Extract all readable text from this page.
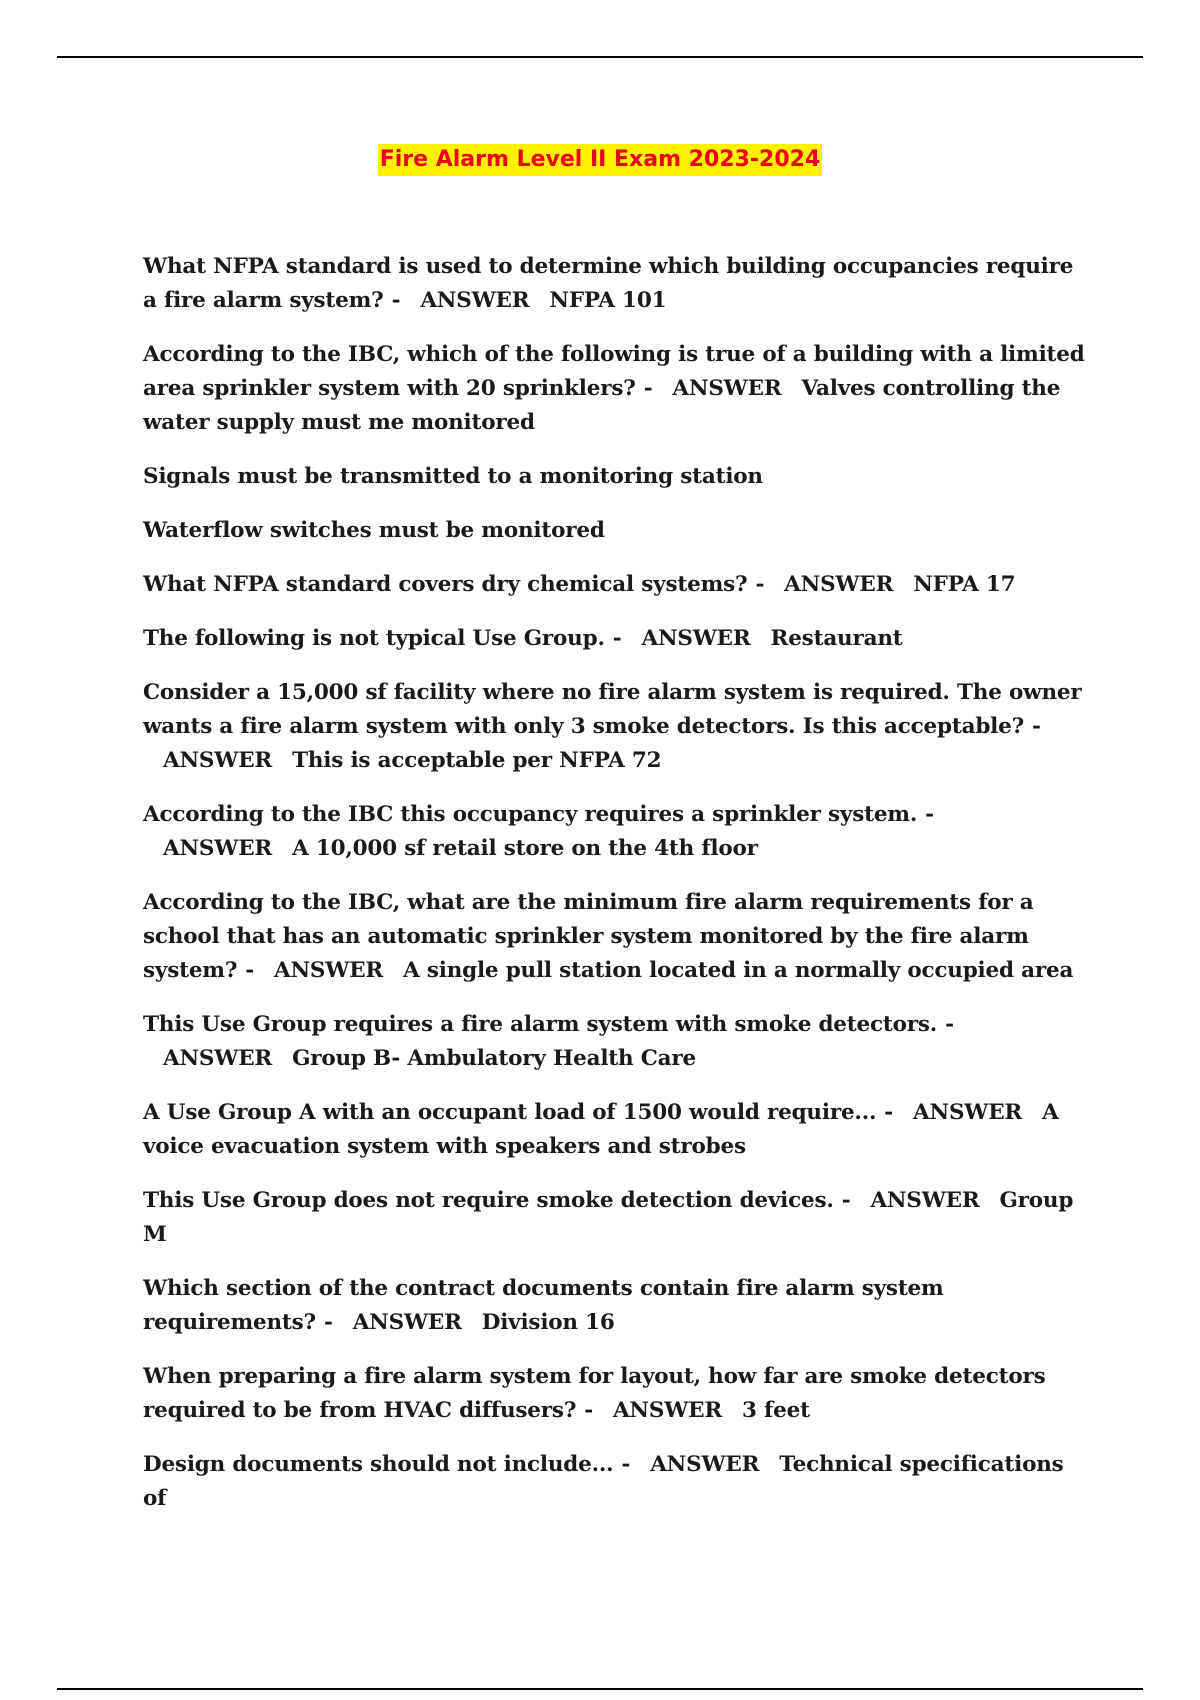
Fire Alarm Level II Exam 2023-2024

What NFPA standard is used to determine which building occupancies require a fire alarm system? - ANSWER NFPA 101

According to the IBC, which of the following is true of a building with a limited area sprinkler system with 20 sprinklers? - ANSWER Valves controlling the water supply must me monitored

Signals must be transmitted to a monitoring station

Waterflow switches must be monitored

What NFPA standard covers dry chemical systems? - ANSWER NFPA 17

The following is not typical Use Group. - ANSWER Restaurant

Consider a 15,000 sf facility where no fire alarm system is required. The owner wants a fire alarm system with only 3 smoke detectors. Is this acceptable? -ANSWER This is acceptable per NFPA 72

According to the IBC this occupancy requires a sprinkler system. -ANSWER A 10,000 sf retail store on the 4th floor

According to the IBC, what are the minimum fire alarm requirements for a school that has an automatic sprinkler system monitored by the fire alarm system? - ANSWER A single pull station located in a normally occupied area

This Use Group requires a fire alarm system with smoke detectors. -ANSWER Group B- Ambulatory Health Care

A Use Group A with an occupant load of 1500 would require... - ANSWER A voice evacuation system with speakers and strobes

This Use Group does not require smoke detection devices. - ANSWER Group M

Which section of the contract documents contain fire alarm system requirements? - ANSWER Division 16

When preparing a fire alarm system for layout, how far are smoke detectors required to be from HVAC diffusers? - ANSWER 3 feet

Design documents should not include... - ANSWER Technical specifications of
